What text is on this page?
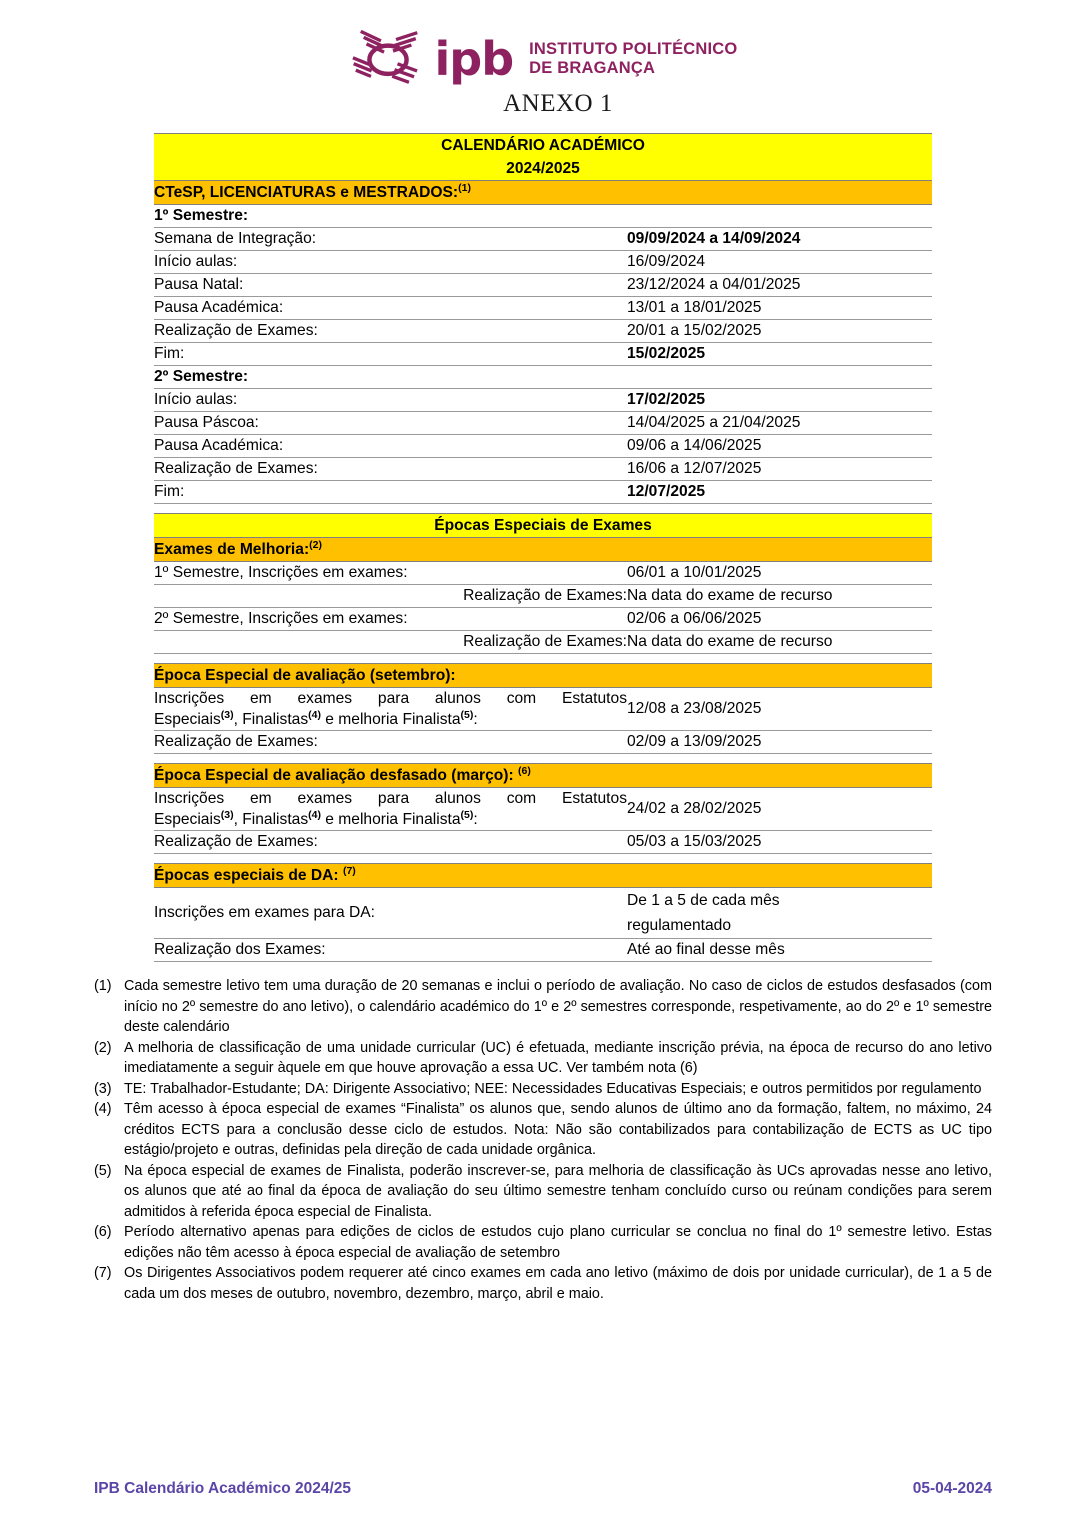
ipb INSTITUTO POLITÉCNICO
DE BRAGANÇA
ANEXO 1
CALENDÁRIO ACADÉMICO
2024/2025	

CTeSP, LICENCIATURAS e MESTRADOS:$^{(1)}$
1º Semestre:	
Semana de Integração:	09/09/2024 a 14/09/2024
Início aulas:	16/09/2024
Pausa Natal:	23/12/2024 a 04/01/2025
Pausa Académica:	13/01 a 18/01/2025
Realização de Exames:	20/01 a 15/02/2025
Fim:	15/02/2025
2º Semestre:	
Início aulas:	17/02/2025
Pausa Páscoa:	14/04/2025 a 21/04/2025
Pausa Académica:	09/06 a 14/06/2025
Realização de Exames:	16/06 a 12/07/2025
Fim:	12/07/2025

Épocas Especiais de Exames	
Exames de Melhoria:$^{(2)}$
1º Semestre, Inscrições em exames:	06/01 a 10/01/2025
Realização de Exames:	Na data do exame de recurso
2º Semestre, Inscrições em exames:	02/06 a 06/06/2025
Realização de Exames:	Na data do exame de recurso

Época Especial de avaliação (setembro):	
Inscrições em exames para alunos com Estatutos
Especiais$^{(3)}$, Finalistas$^{(4)}$ e melhoria Finalista$^{(5)}$:	12/08 a 23/08/2025
Realização de Exames:	02/09 a 13/09/2025

Época Especial de avaliação desfasado (março): $^{(6)}$
Inscrições em exames para alunos com Estatutos
Especiais$^{(3)}$, Finalistas$^{(4)}$ e melhoria Finalista$^{(5)}$:	24/02 a 28/02/2025
Realização de Exames:	05/03 a 15/03/2025

Épocas especiais de DA: $^{(7)}$
Inscrições em exames para DA:	De 1 a 5 de cada mês
regulamentado

Realização dos Exames:	Até ao final desse mês
(1) Cada semestre letivo tem uma duração de 20 semanas e inclui o período de avaliação. No caso de ciclos de estudos desfasados (com início no 2º semestre do ano letivo), o calendário académico do 1º e 2º semestres corresponde, respetivamente, ao do 2º e 1º semestre deste calendário
(2) A melhoria de classificação de uma unidade curricular (UC) é efetuada, mediante inscrição prévia, na época de recurso do ano letivo imediatamente a seguir àquele em que houve aprovação a essa UC. Ver também nota (6)
(3) TE: Trabalhador-Estudante; DA: Dirigente Associativo; NEE: Necessidades Educativas Especiais; e outros permitidos por regulamento
(4) Têm acesso à época especial de exames “Finalista” os alunos que, sendo alunos de último ano da formação, faltem, no máximo, 24 créditos ECTS para a conclusão desse ciclo de estudos. Nota: Não são contabilizados para contabilização de ECTS as UC tipo estágio/projeto e outras, definidas pela direção de cada unidade orgânica.
(5) Na época especial de exames de Finalista, poderão inscrever-se, para melhoria de classificação às UCs aprovadas nesse ano letivo, os alunos que até ao final da época de avaliação do seu último semestre tenham concluído curso ou reúnam condições para serem admitidos à referida época especial de Finalista.
(6) Período alternativo apenas para edições de ciclos de estudos cujo plano curricular se conclua no final do 1º semestre letivo. Estas edições não têm acesso à época especial de avaliação de setembro
(7) Os Dirigentes Associativos podem requerer até cinco exames em cada ano letivo (máximo de dois por unidade curricular), de 1 a 5 de cada um dos meses de outubro, novembro, dezembro, março, abril e maio.
IPB Calendário Académico 2024/25	05-04-2024
